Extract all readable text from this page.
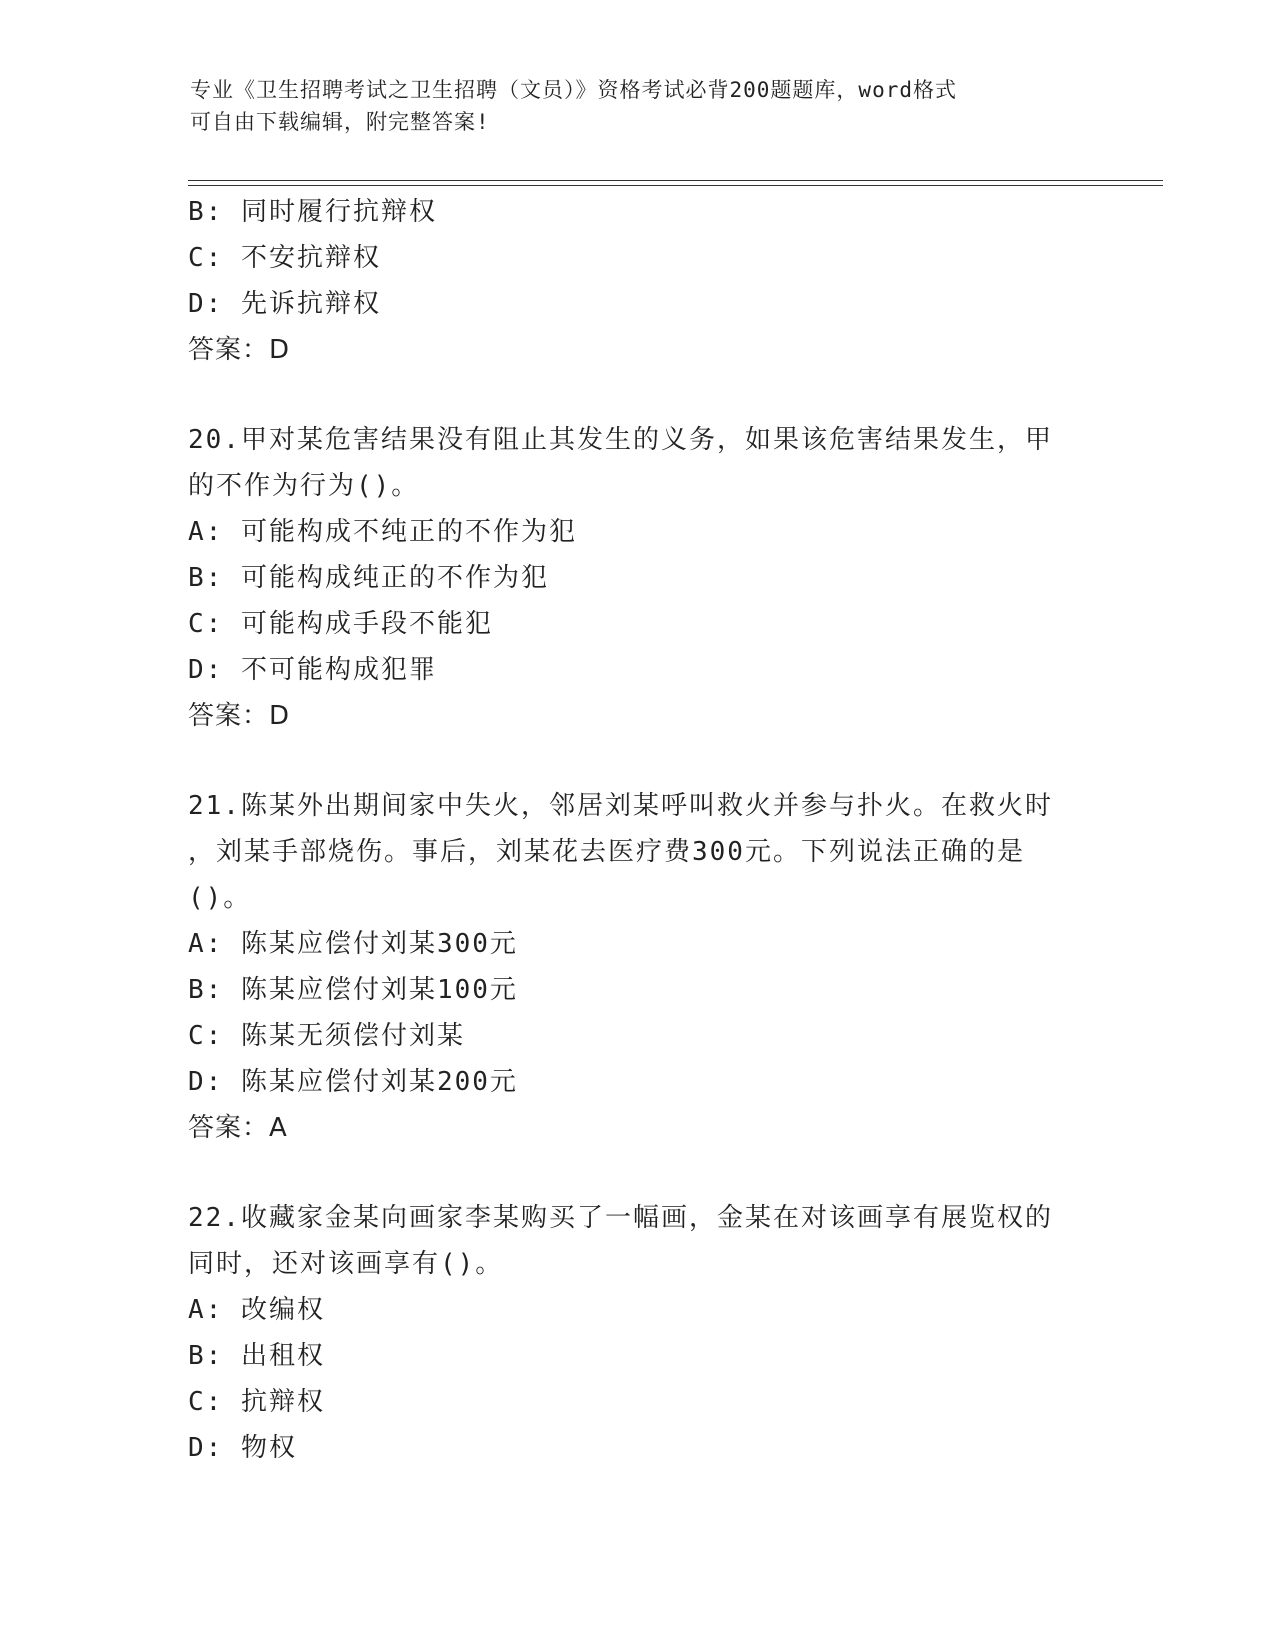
专业《卫生招聘考试之卫生招聘（文员）》资格考试必背200题题库，word格式
可自由下载编辑，附完整答案!
B: 同时履行抗辩权
C: 不安抗辩权
D: 先诉抗辩权
答案：D
20.甲对某危害结果没有阻止其发生的义务，如果该危害结果发生，甲
的不作为行为()。
A: 可能构成不纯正的不作为犯
B: 可能构成纯正的不作为犯
C: 可能构成手段不能犯
D: 不可能构成犯罪
答案：D
21.陈某外出期间家中失火，邻居刘某呼叫救火并参与扑火。在救火时
，刘某手部烧伤。事后，刘某花去医疗费300元。下列说法正确的是
()。
A: 陈某应偿付刘某300元
B: 陈某应偿付刘某100元
C: 陈某无须偿付刘某
D: 陈某应偿付刘某200元
答案：A
22.收藏家金某向画家李某购买了一幅画，金某在对该画享有展览权的
同时，还对该画享有()。
A: 改编权
B: 出租权
C: 抗辩权
D: 物权
